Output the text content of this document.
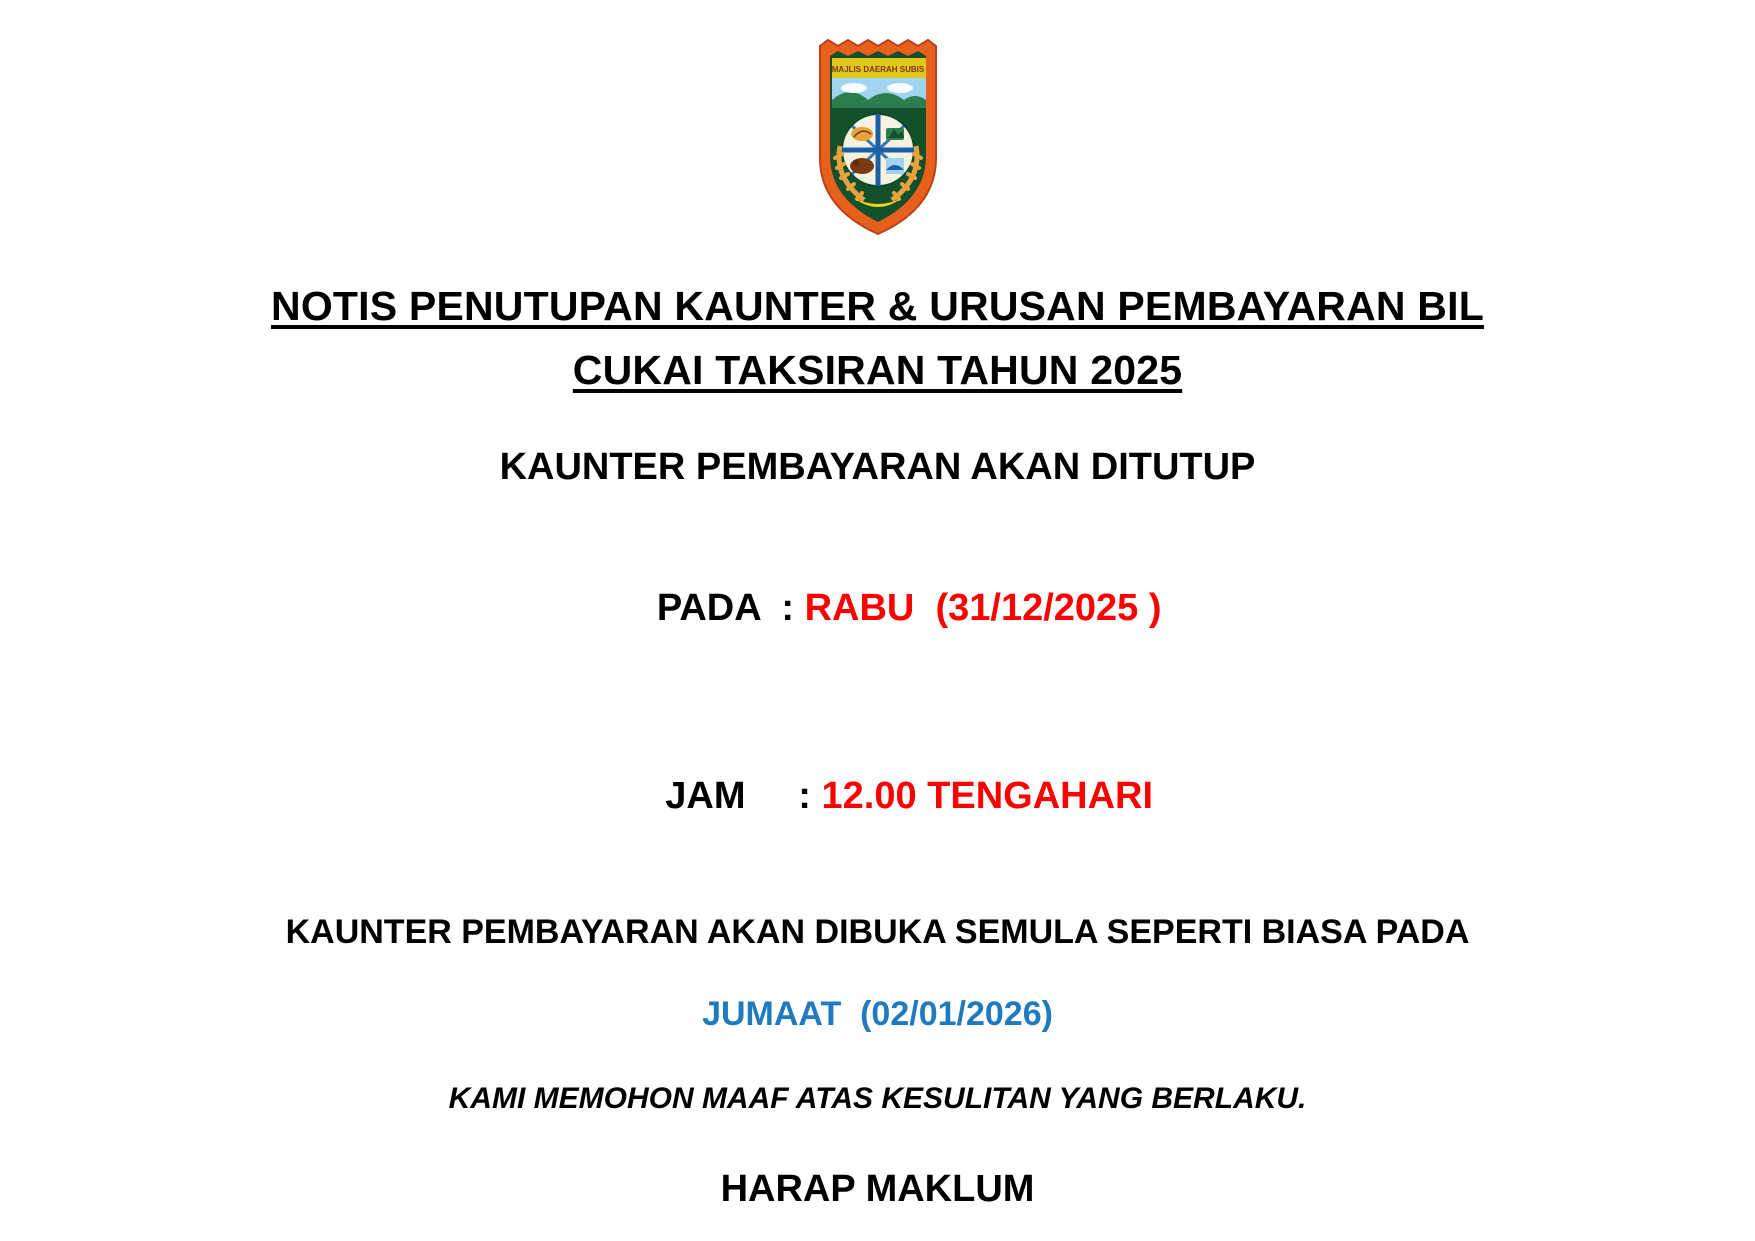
MAJLIS DAERAH SUBIS
NOTIS PENUTUPAN KAUNTER & URUSAN PEMBAYARAN BIL
CUKAI TAKSIRAN TAHUN 2025
KAUNTER PEMBAYARAN AKAN DITUTUP

PADA  : RABU  (31/12/2025 )

JAM     : 12.00 TENGAHARI

KAUNTER PEMBAYARAN AKAN DIBUKA SEMULA SEPERTI BIASA PADA
JUMAAT  (02/01/2026)
KAMI MEMOHON MAAF ATAS KESULITAN YANG BERLAKU.
HARAP MAKLUM
